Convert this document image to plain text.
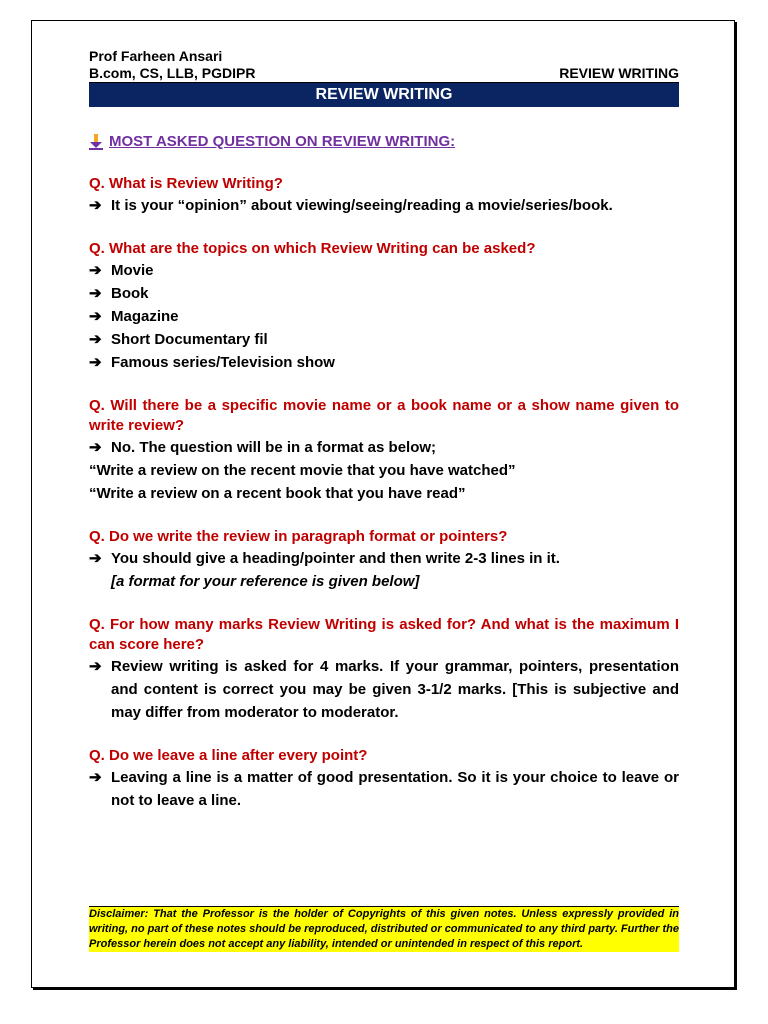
Prof Farheen Ansari
B.com, CS, LLB, PGDIPR	REVIEW WRITING
REVIEW WRITING
MOST ASKED QUESTION ON REVIEW WRITING:
Q. What is Review Writing?
➔ It is your “opinion” about viewing/seeing/reading a movie/series/book.
Q. What are the topics on which Review Writing can be asked?
➔ Movie
➔ Book
➔ Magazine
➔ Short Documentary fil
➔ Famous series/Television show
Q. Will there be a specific movie name or a book name or a show name given to write review?
➔ No. The question will be in a format as below;
“Write a review on the recent movie that you have watched”
“Write a review on a recent book that you have read”
Q. Do we write the review in paragraph format or pointers?
➔ You should give a heading/pointer and then write 2-3 lines in it.
[a format for your reference is given below]
Q. For how many marks Review Writing is asked for? And what is the maximum I can score here?
➔ Review writing is asked for 4 marks. If your grammar, pointers, presentation and content is correct you may be given 3-1/2 marks. [This is subjective and may differ from moderator to moderator.
Q. Do we leave a line after every point?
➔ Leaving a line is a matter of good presentation. So it is your choice to leave or not to leave a line.
Disclaimer: That the Professor is the holder of Copyrights of this given notes. Unless expressly provided in writing, no part of these notes should be reproduced, distributed or communicated to any third party. Further the Professor herein does not accept any liability, intended or unintended in respect of this report.
